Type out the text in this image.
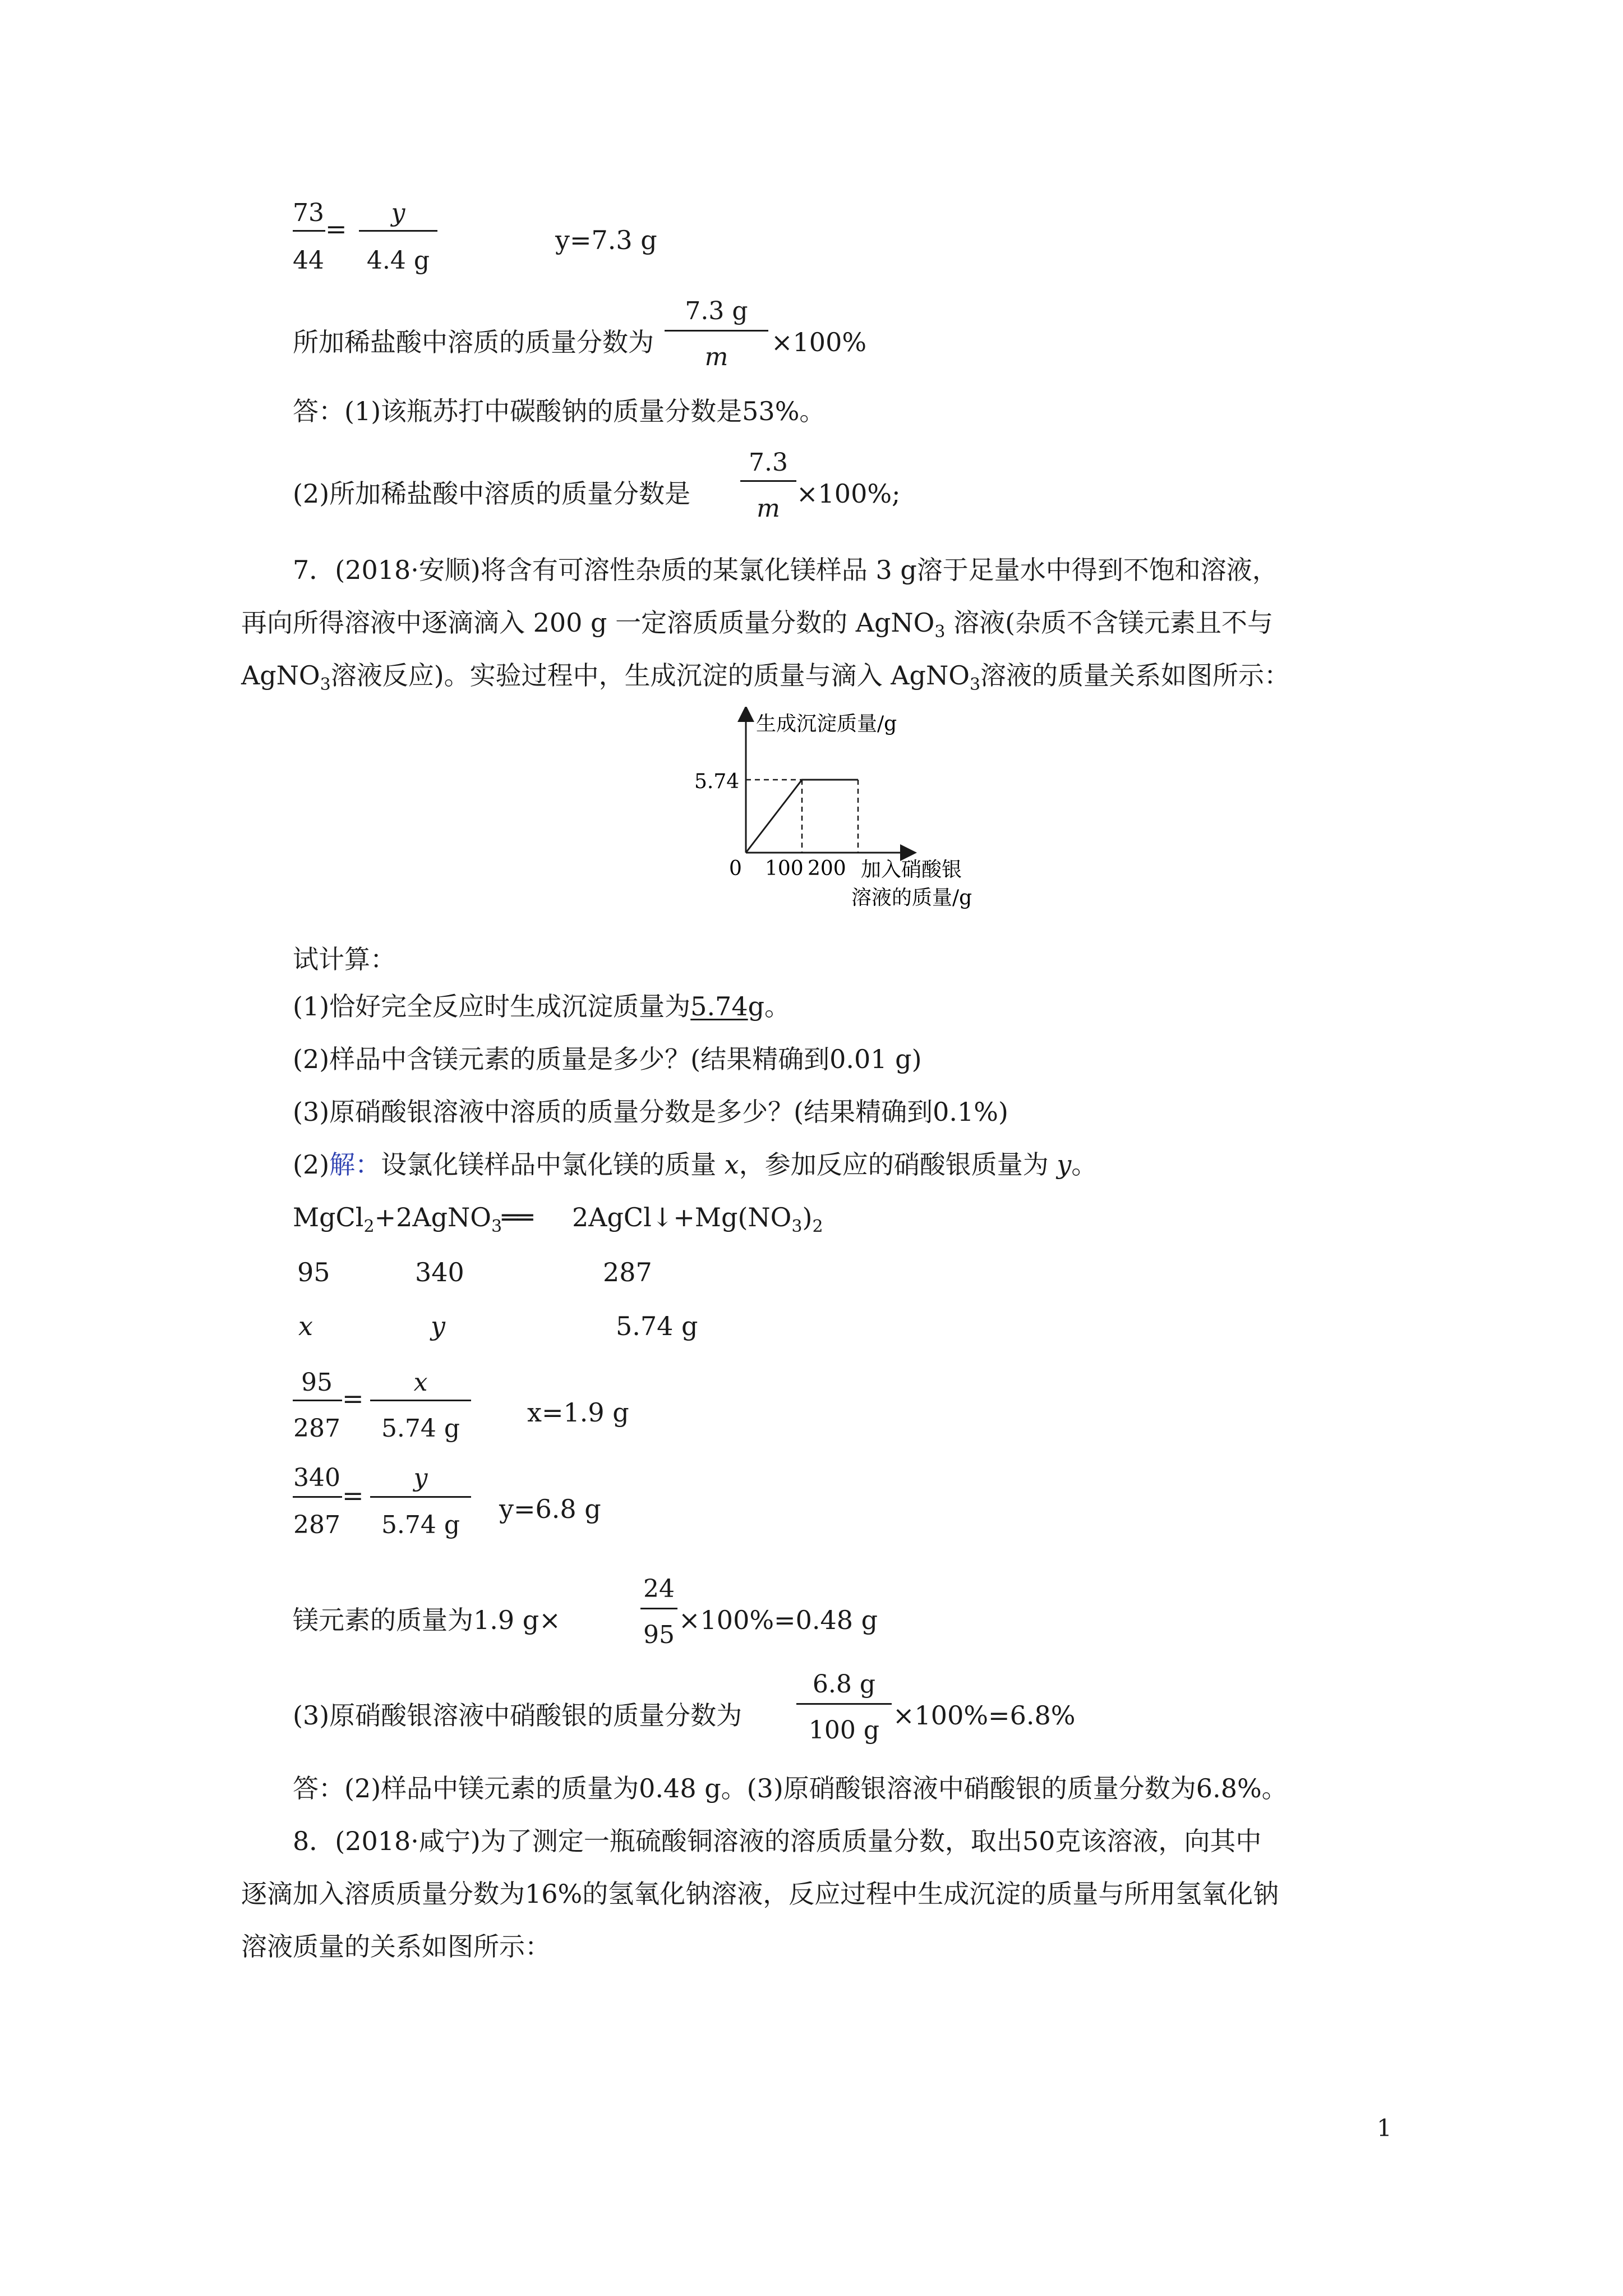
73
44
=
y
4.4 g
y=7.3 g
所加稀盐酸中溶质的质量分数为
7.3 g
m	×100%
答：(1)该瓶苏打中碳酸钠的质量分数是53%。
(2)所加稀盐酸中溶质的质量分数是
7.3
m ×100%;
7．(2018·安顺)将含有可溶性杂质的某氯化镁样品 3 g溶于足量水中得到不饱和溶液，
再向所得溶液中逐滴滴入 200 g 一定溶质质量分数的 AgNO$_3$ 溶液(杂质不含镁元素且不与
AgNO$_3$溶液反应)。实验过程中，生成沉淀的质量与滴入 AgNO$_3$溶液的质量关系如图所示：
生成沉淀质量/g
5.74
0 100 200 加入硝酸银
溶液的质量/g
试计算：
(1)恰好完全反应时生成沉淀质量为5.74g。
(2)样品中含镁元素的质量是多少？(结果精确到0.01 g)
(3)原硝酸银溶液中溶质的质量分数是多少？(结果精确到0.1%)
(2)解：设氯化镁样品中氯化镁的质量 x，参加反应的硝酸银质量为 y。
MgCl$_2$+2AgNO$_3$══ $2AgCl↓+Mg(NO_3)_2$
95	340	287
x	y	5.74 g
95
287
=
x
5.74 g
x=1.9 g
340
287
=
y
5.74 g
y=6.8 g
镁元素的质量为1.9 g×
24
95 ×100%=0.48 g
(3)原硝酸银溶液中硝酸银的质量分数为
6.8 g
100 g ×100%=6.8%
答：(2)样品中镁元素的质量为0.48 g。(3)原硝酸银溶液中硝酸银的质量分数为6.8%。
8．(2018·咸宁)为了测定一瓶硫酸铜溶液的溶质质量分数，取出50克该溶液，向其中
逐滴加入溶质质量分数为16%的氢氧化钠溶液，反应过程中生成沉淀的质量与所用氢氧化钠
溶液质量的关系如图所示：
1
